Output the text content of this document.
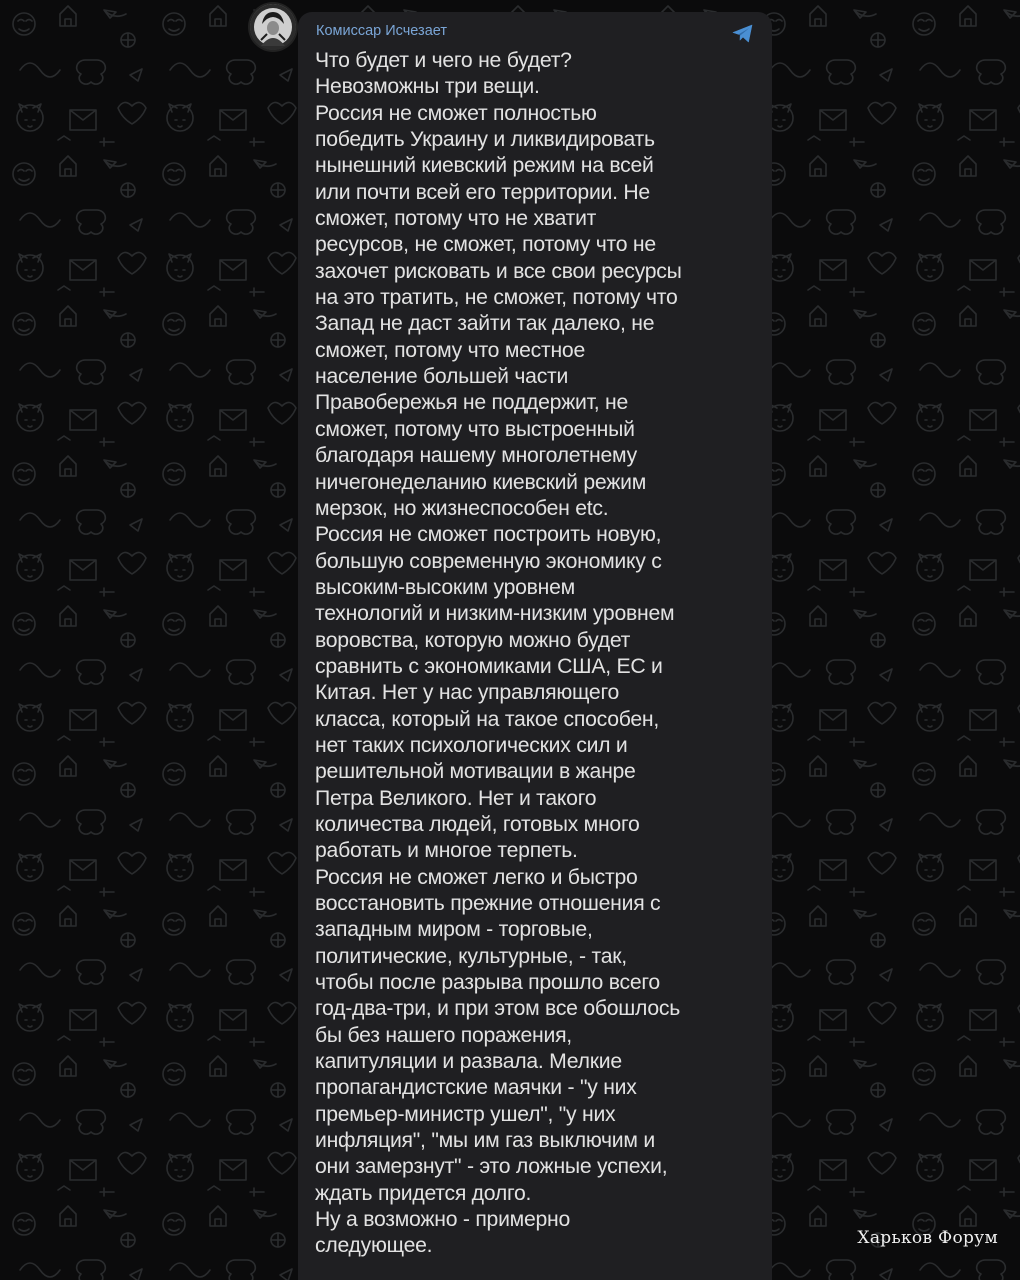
Комиссар Исчезает

Что будет и чего не будет?
Невозможны три вещи.
Россия не сможет полностью
победить Украину и ликвидировать
нынешний киевский режим на всей
или почти всей его территории. Не
сможет, потому что не хватит
ресурсов, не сможет, потому что не
захочет рисковать и все свои ресурсы
на это тратить, не сможет, потому что
Запад не даст зайти так далеко, не
сможет, потому что местное
население большей части
Правобережья не поддержит, не
сможет, потому что выстроенный
благодаря нашему многолетнему
ничегонеделанию киевский режим
мерзок, но жизнеспособен etc.
Россия не сможет построить новую,
большую современную экономику с
высоким-высоким уровнем
технологий и низким-низким уровнем
воровства, которую можно будет
сравнить с экономиками США, ЕС и
Китая. Нет у нас управляющего
класса, который на такое способен,
нет таких психологических сил и
решительной мотивации в жанре
Петра Великого. Нет и такого
количества людей, готовых много
работать и многое терпеть.
Россия не сможет легко и быстро
восстановить прежние отношения с
западным миром - торговые,
политические, культурные, - так,
чтобы после разрыва прошло всего
год-два-три, и при этом все обошлось
бы без нашего поражения,
капитуляции и развала. Мелкие
пропагандистские маячки - "у них
премьер-министр ушел", "у них
инфляция", "мы им газ выключим и
они замерзнут" - это ложные успехи,
ждать придется долго.
Ну а возможно - примерно
следующее.	Харьков Форум
